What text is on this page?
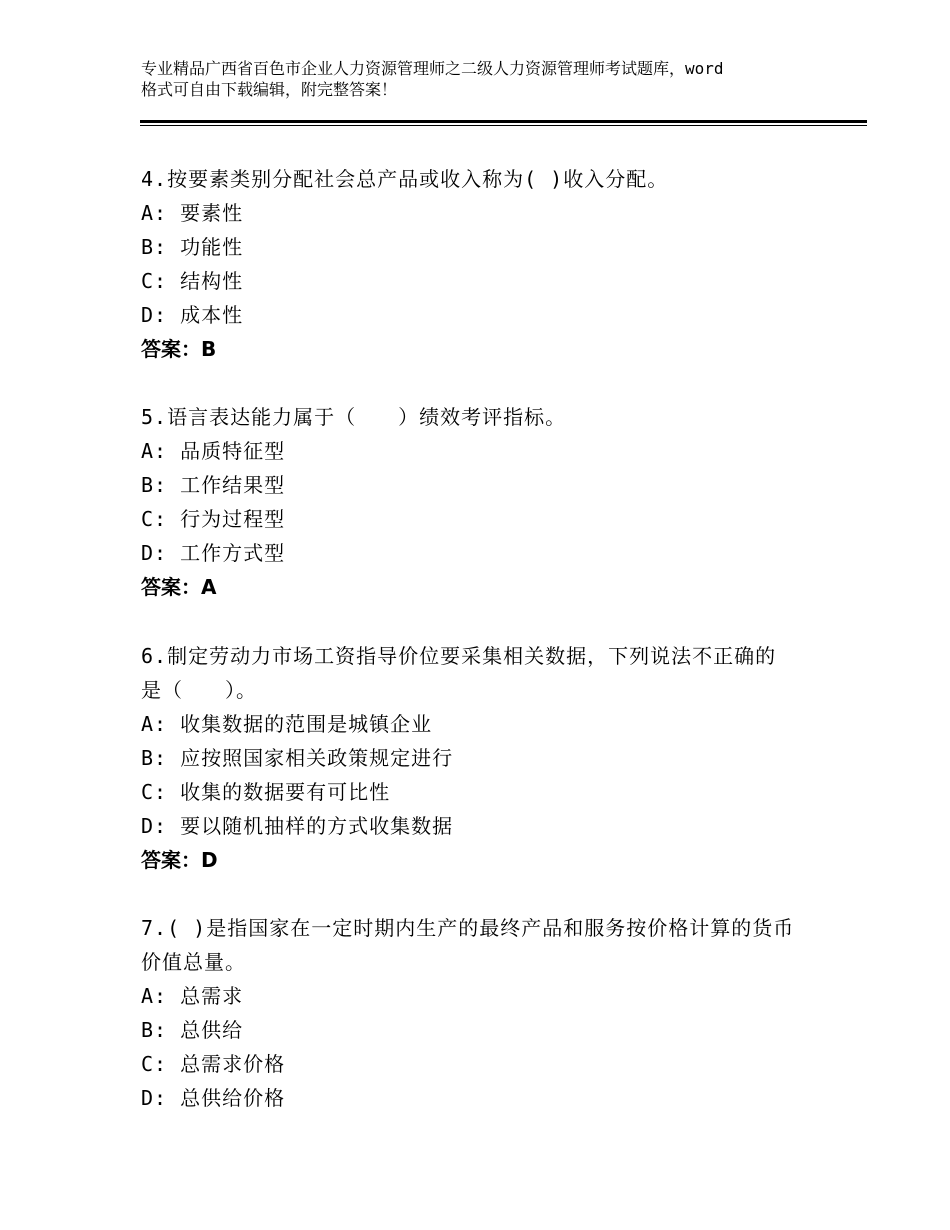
专业精品广西省百色市企业人力资源管理师之二级人力资源管理师考试题库，word
格式可自由下载编辑，附完整答案！
4.按要素类别分配社会总产品或收入称为( )收入分配。
A: 要素性
B: 功能性
C: 结构性
D: 成本性
答案：B
5.语言表达能力属于（　　）绩效考评指标。
A: 品质特征型
B: 工作结果型
C: 行为过程型
D: 工作方式型
答案：A
6.制定劳动力市场工资指导价位要采集相关数据，下列说法不正确的
是（　　）。
A: 收集数据的范围是城镇企业
B: 应按照国家相关政策规定进行
C: 收集的数据要有可比性
D: 要以随机抽样的方式收集数据
答案：D
7.( )是指国家在一定时期内生产的最终产品和服务按价格计算的货币
价值总量。
A: 总需求
B: 总供给
C: 总需求价格
D: 总供给价格
